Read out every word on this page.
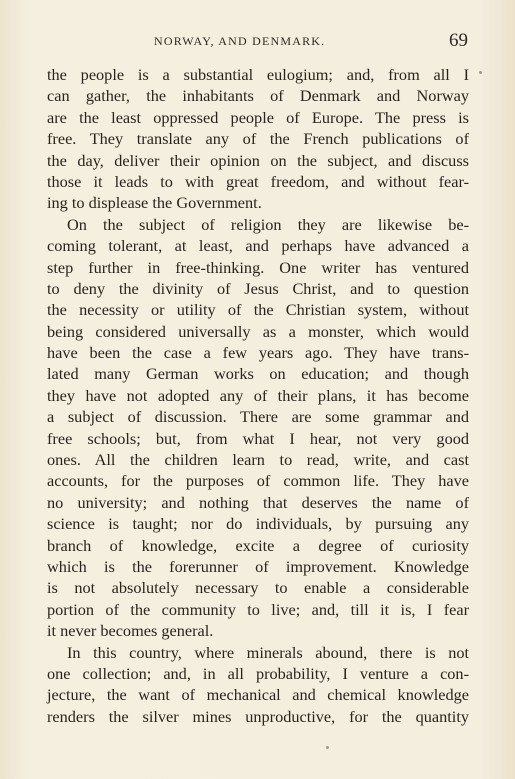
NORWAY, AND DENMARK.	69
the people is a substantial eulogium; and, from all I
can gather, the inhabitants of Denmark and Norway
are the least oppressed people of Europe. The press is
free. They translate any of the French publications of
the day, deliver their opinion on the subject, and discuss
those it leads to with great freedom, and without fear-
ing to displease the Government.
On the subject of religion they are likewise be-
coming tolerant, at least, and perhaps have advanced a
step further in free-thinking. One writer has ventured
to deny the divinity of Jesus Christ, and to question
the necessity or utility of the Christian system, without
being considered universally as a monster, which would
have been the case a few years ago. They have trans-
lated many German works on education; and though
they have not adopted any of their plans, it has become
a subject of discussion. There are some grammar and
free schools; but, from what I hear, not very good
ones. All the children learn to read, write, and cast
accounts, for the purposes of common life. They have
no university; and nothing that deserves the name of
science is taught; nor do individuals, by pursuing any
branch of knowledge, excite a degree of curiosity
which is the forerunner of improvement. Knowledge
is not absolutely necessary to enable a considerable
portion of the community to live; and, till it is, I fear
it never becomes general.
In this country, where minerals abound, there is not
one collection; and, in all probability, I venture a con-
jecture, the want of mechanical and chemical knowledge
renders the silver mines unproductive, for the quantity
